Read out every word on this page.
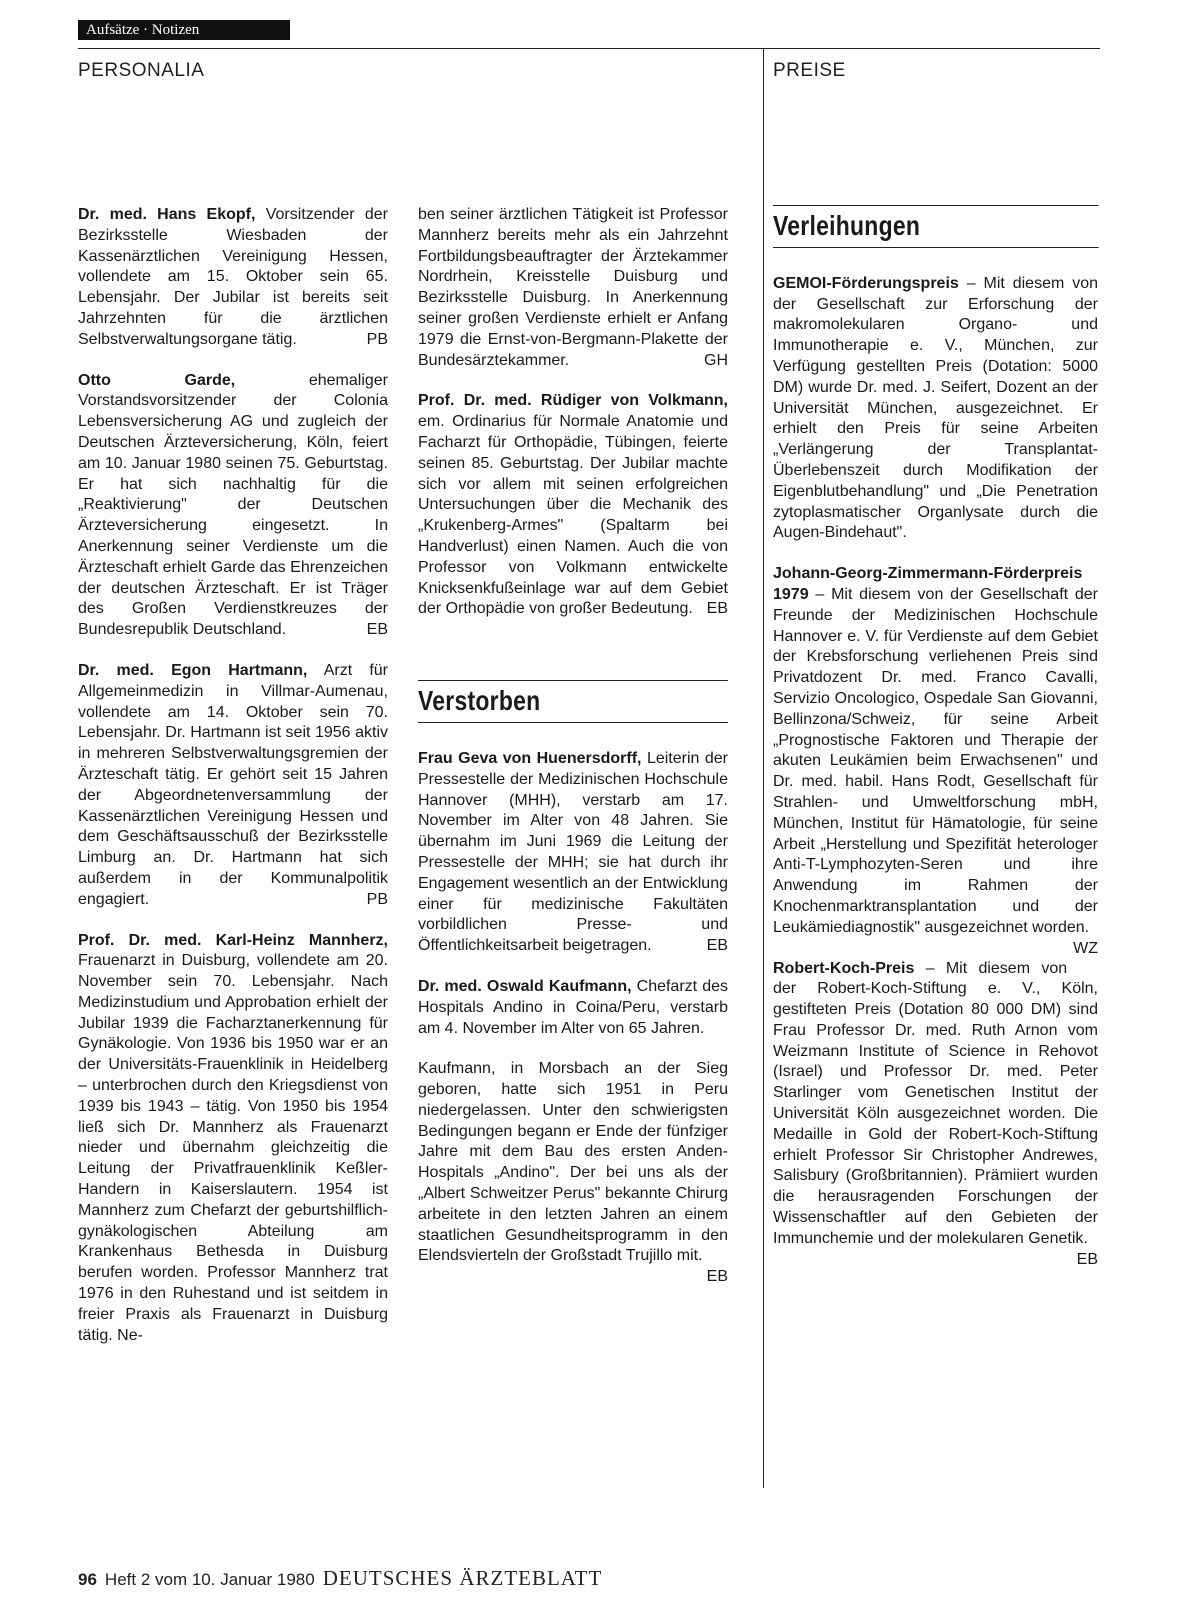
Aufsätze · Notizen
PERSONALIA	PREISE

Dr. med. Hans Ekopf, Vorsitzender der Bezirksstelle Wiesbaden der Kassenärztlichen Vereinigung Hessen, vollendete am 15. Oktober sein 65. Lebensjahr. Der Jubilar ist bereits seit Jahrzehnten für die ärztlichen Selbstverwaltungsorgane tätig.	PB

Otto Garde, ehemaliger Vorstandsvorsitzender der Colonia Lebensversicherung AG und zugleich der Deutschen Ärzteversicherung, Köln, feiert am 10. Januar 1980 seinen 75. Geburtstag. Er hat sich nachhaltig für die „Reaktivierung" der Deutschen Ärzteversicherung eingesetzt. In Anerkennung seiner Verdienste um die Ärzteschaft erhielt Garde das Ehrenzeichen der deutschen Ärzteschaft. Er ist Träger des Großen Verdienstkreuzes der Bundesrepublik Deutschland.	EB

Dr. med. Egon Hartmann, Arzt für Allgemeinmedizin in Villmar-Aumenau, vollendete am 14. Oktober sein 70. Lebensjahr. Dr. Hartmann ist seit 1956 aktiv in mehreren Selbstverwaltungsgremien der Ärzteschaft tätig. Er gehört seit 15 Jahren der Abgeordnetenversammlung der Kassenärztlichen Vereinigung Hessen und dem Geschäftsausschuß der Bezirksstelle Limburg an. Dr. Hartmann hat sich außerdem in der Kommunalpolitik engagiert.	PB

Prof. Dr. med. Karl-Heinz Mannherz, Frauenarzt in Duisburg, vollendete am 20. November sein 70. Lebensjahr. Nach Medizinstudium und Approbation erhielt der Jubilar 1939 die Facharztanerkennung für Gynäkologie. Von 1936 bis 1950 war er an der Universitäts-Frauenklinik in Heidelberg – unterbrochen durch den Kriegsdienst von 1939 bis 1943 – tätig. Von 1950 bis 1954 ließ sich Dr. Mannherz als Frauenarzt nieder und übernahm gleichzeitig die Leitung der Privatfrauenklinik Keßler-Handern in Kaiserslautern. 1954 ist Mannherz zum Chefarzt der geburtshilflich-gynäkologischen Abteilung am Krankenhaus Bethesda in Duisburg berufen worden. Professor Mannherz trat 1976 in den Ruhestand und ist seitdem in freier Praxis als Frauenarzt in Duisburg tätig. Ne-

ben seiner ärztlichen Tätigkeit ist Professor Mannherz bereits mehr als ein Jahrzehnt Fortbildungsbeauftragter der Ärztekammer Nordrhein, Kreisstelle Duisburg und Bezirksstelle Duisburg. In Anerkennung seiner großen Verdienste erhielt er Anfang 1979 die Ernst-von-Bergmann-Plakette der Bundesärztekammer.	GH

Prof. Dr. med. Rüdiger von Volkmann, em. Ordinarius für Normale Anatomie und Facharzt für Orthopädie, Tübingen, feierte seinen 85. Geburtstag. Der Jubilar machte sich vor allem mit seinen erfolgreichen Untersuchungen über die Mechanik des „Krukenberg-Armes" (Spaltarm bei Handverlust) einen Namen. Auch die von Professor von Volkmann entwickelte Knicksenkfußeinlage war auf dem Gebiet der Orthopädie von großer Bedeutung. EB

Verstorben

Frau Geva von Huenersdorff, Leiterin der Pressestelle der Medizinischen Hochschule Hannover (MHH), verstarb am 17. November im Alter von 48 Jahren. Sie übernahm im Juni 1969 die Leitung der Pressestelle der MHH; sie hat durch ihr Engagement wesentlich an der Entwicklung einer für medizinische Fakultäten vorbildlichen Presse- und Öffentlichkeitsarbeit beigetragen.	EB

Dr. med. Oswald Kaufmann, Chefarzt des Hospitals Andino in Coina/Peru, verstarb am 4. November im Alter von 65 Jahren.

Kaufmann, in Morsbach an der Sieg geboren, hatte sich 1951 in Peru niedergelassen. Unter den schwierigsten Bedingungen begann er Ende der fünfziger Jahre mit dem Bau des ersten Anden-Hospitals „Andino". Der bei uns als der „Albert Schweitzer Perus" bekannte Chirurg arbeitete in den letzten Jahren an einem staatlichen Gesundheitsprogramm in den Elendsvierteln der Großstadt Trujillo mit.
EB

Verleihungen

GEMOI-Förderungspreis – Mit diesem von der Gesellschaft zur Erforschung der makromolekularen Organo- und Immunotherapie e. V., München, zur Verfügung gestellten Preis (Dotation: 5000 DM) wurde Dr. med. J. Seifert, Dozent an der Universität München, ausgezeichnet. Er erhielt den Preis für seine Arbeiten „Verlängerung der Transplantat-Überlebenszeit durch Modifikation der Eigenblutbehandlung" und „Die Penetration zytoplasmatischer Organlysate durch die Augen-Bindehaut".

Johann-Georg-Zimmermann-Förderpreis 1979 – Mit diesem von der Gesellschaft der Freunde der Medizinischen Hochschule Hannover e. V. für Verdienste auf dem Gebiet der Krebsforschung verliehenen Preis sind Privatdozent Dr. med. Franco Cavalli, Servizio Oncologico, Ospedale San Giovanni, Bellinzona/Schweiz, für seine Arbeit „Prognostische Faktoren und Therapie der akuten Leukämien beim Erwachsenen" und Dr. med. habil. Hans Rodt, Gesellschaft für Strahlen- und Umweltforschung mbH, München, Institut für Hämatologie, für seine Arbeit „Herstellung und Spezifität heterologer Anti-T-Lymphozyten-Seren und ihre Anwendung im Rahmen der Knochenmarktransplantation und der Leukämiediagnostik" ausgezeichnet worden.
WZ

Robert-Koch-Preis – Mit diesem von der Robert-Koch-Stiftung e. V., Köln, gestifteten Preis (Dotation 80 000 DM) sind Frau Professor Dr. med. Ruth Arnon vom Weizmann Institute of Science in Rehovot (Israel) und Professor Dr. med. Peter Starlinger vom Genetischen Institut der Universität Köln ausgezeichnet worden. Die Medaille in Gold der Robert-Koch-Stiftung erhielt Professor Sir Christopher Andrewes, Salisbury (Großbritannien). Prämiiert wurden die herausragenden Forschungen der Wissenschaftler auf den Gebieten der Immunchemie und der molekularen Genetik.
EB

96 Heft 2 vom 10. Januar 1980 DEUTSCHES ÄRZTEBLATT
